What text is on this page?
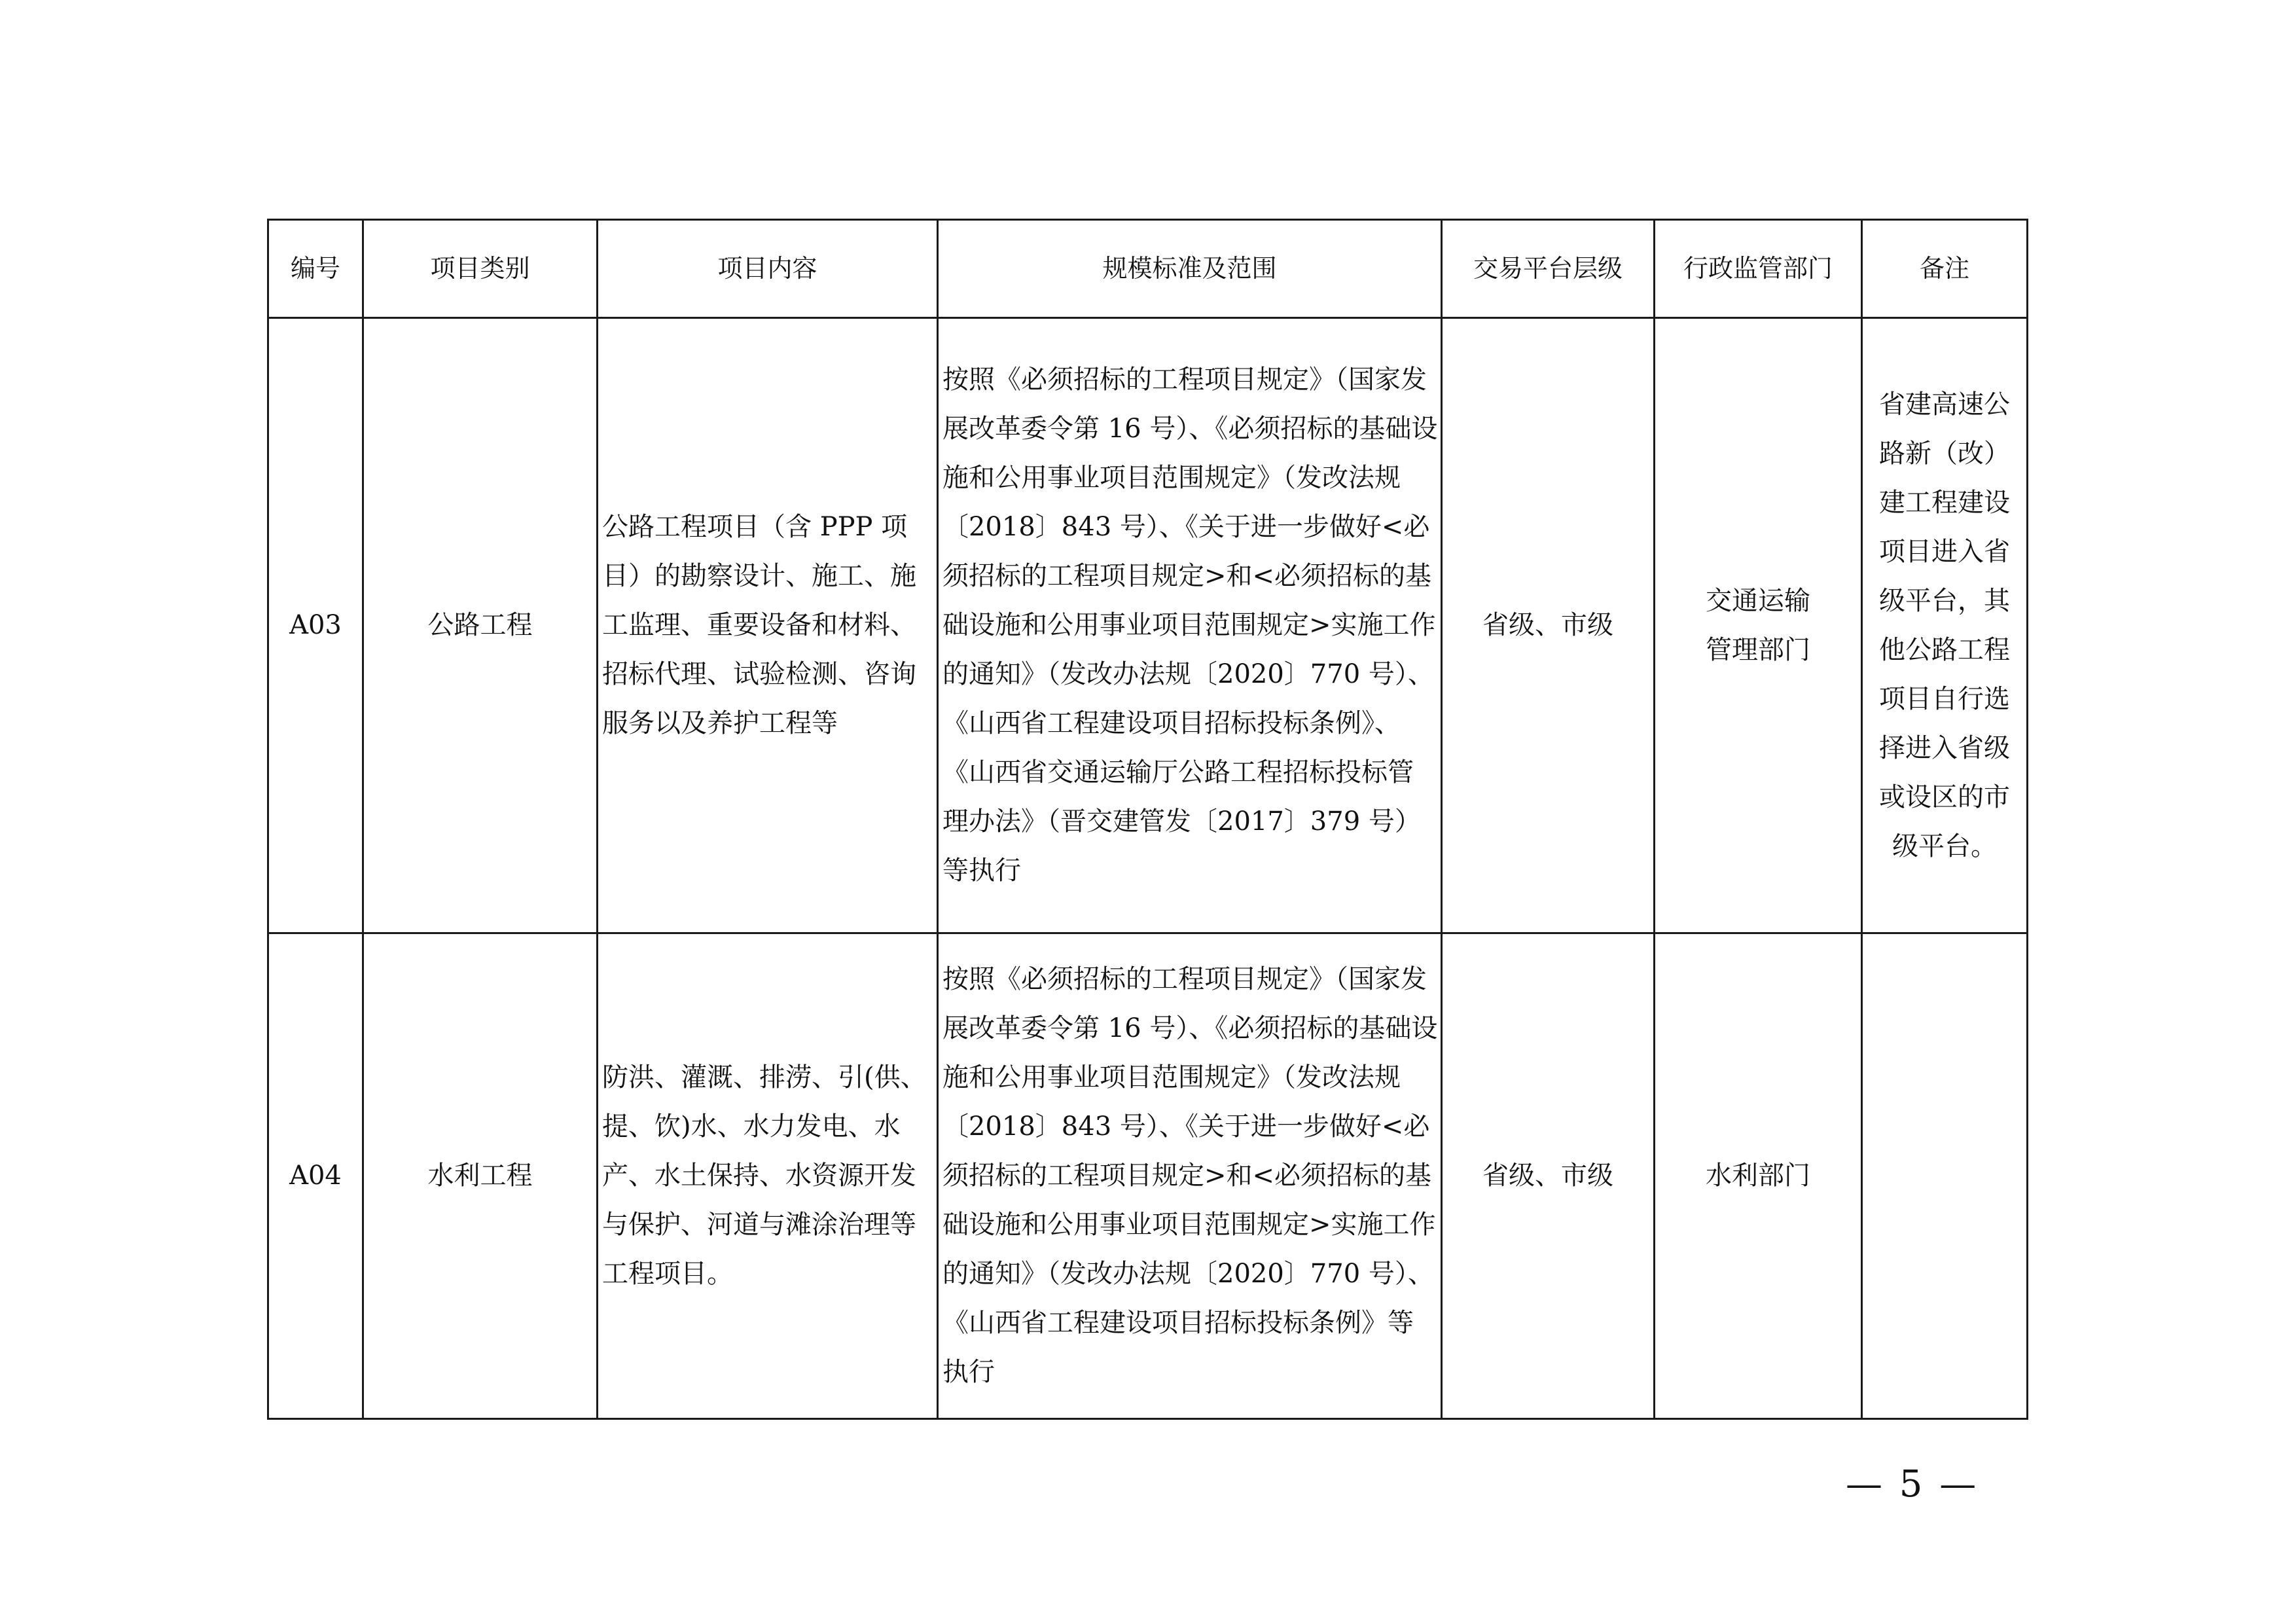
编号	项目类别	项目内容	规模标准及范围	交易平台层级	行政监管部门	备注
A03	公路工程	公路工程项目（含 PPP 项目）的勘察设计、施工、施工监理、重要设备和材料、招标代理、试验检测、咨询服务以及养护工程等	按照《必须招标的工程项目规定》（国家发展改革委令第 16 号）、《必须招标的基础设施和公用事业项目范围规定》（发改法规〔2018〕843 号）、《关于进一步做好<必须招标的工程项目规定>和<必须招标的基础设施和公用事业项目范围规定>实施工作的通知》（发改办法规〔2020〕770 号）、《山西省工程建设项目招标投标条例》、《山西省交通运输厅公路工程招标投标管理办法》（晋交建管发〔2017〕379 号）等执行	省级、市级	交通运输管理部门	省建高速公路新（改）建工程建设项目进入省级平台，其他公路工程项目自行选择进入省级或设区的市级平台。
A04	水利工程	防洪、灌溉、排涝、引(供、提、饮)水、水力发电、水产、水土保持、水资源开发与保护、河道与滩涂治理等工程项目。	按照《必须招标的工程项目规定》（国家发展改革委令第 16 号）、《必须招标的基础设施和公用事业项目范围规定》（发改法规〔2018〕843 号）、《关于进一步做好<必须招标的工程项目规定>和<必须招标的基础设施和公用事业项目范围规定>实施工作的通知》（发改办法规〔2020〕770 号）、《山西省工程建设项目招标投标条例》等执行	省级、市级	水利部门	
— 5 —
